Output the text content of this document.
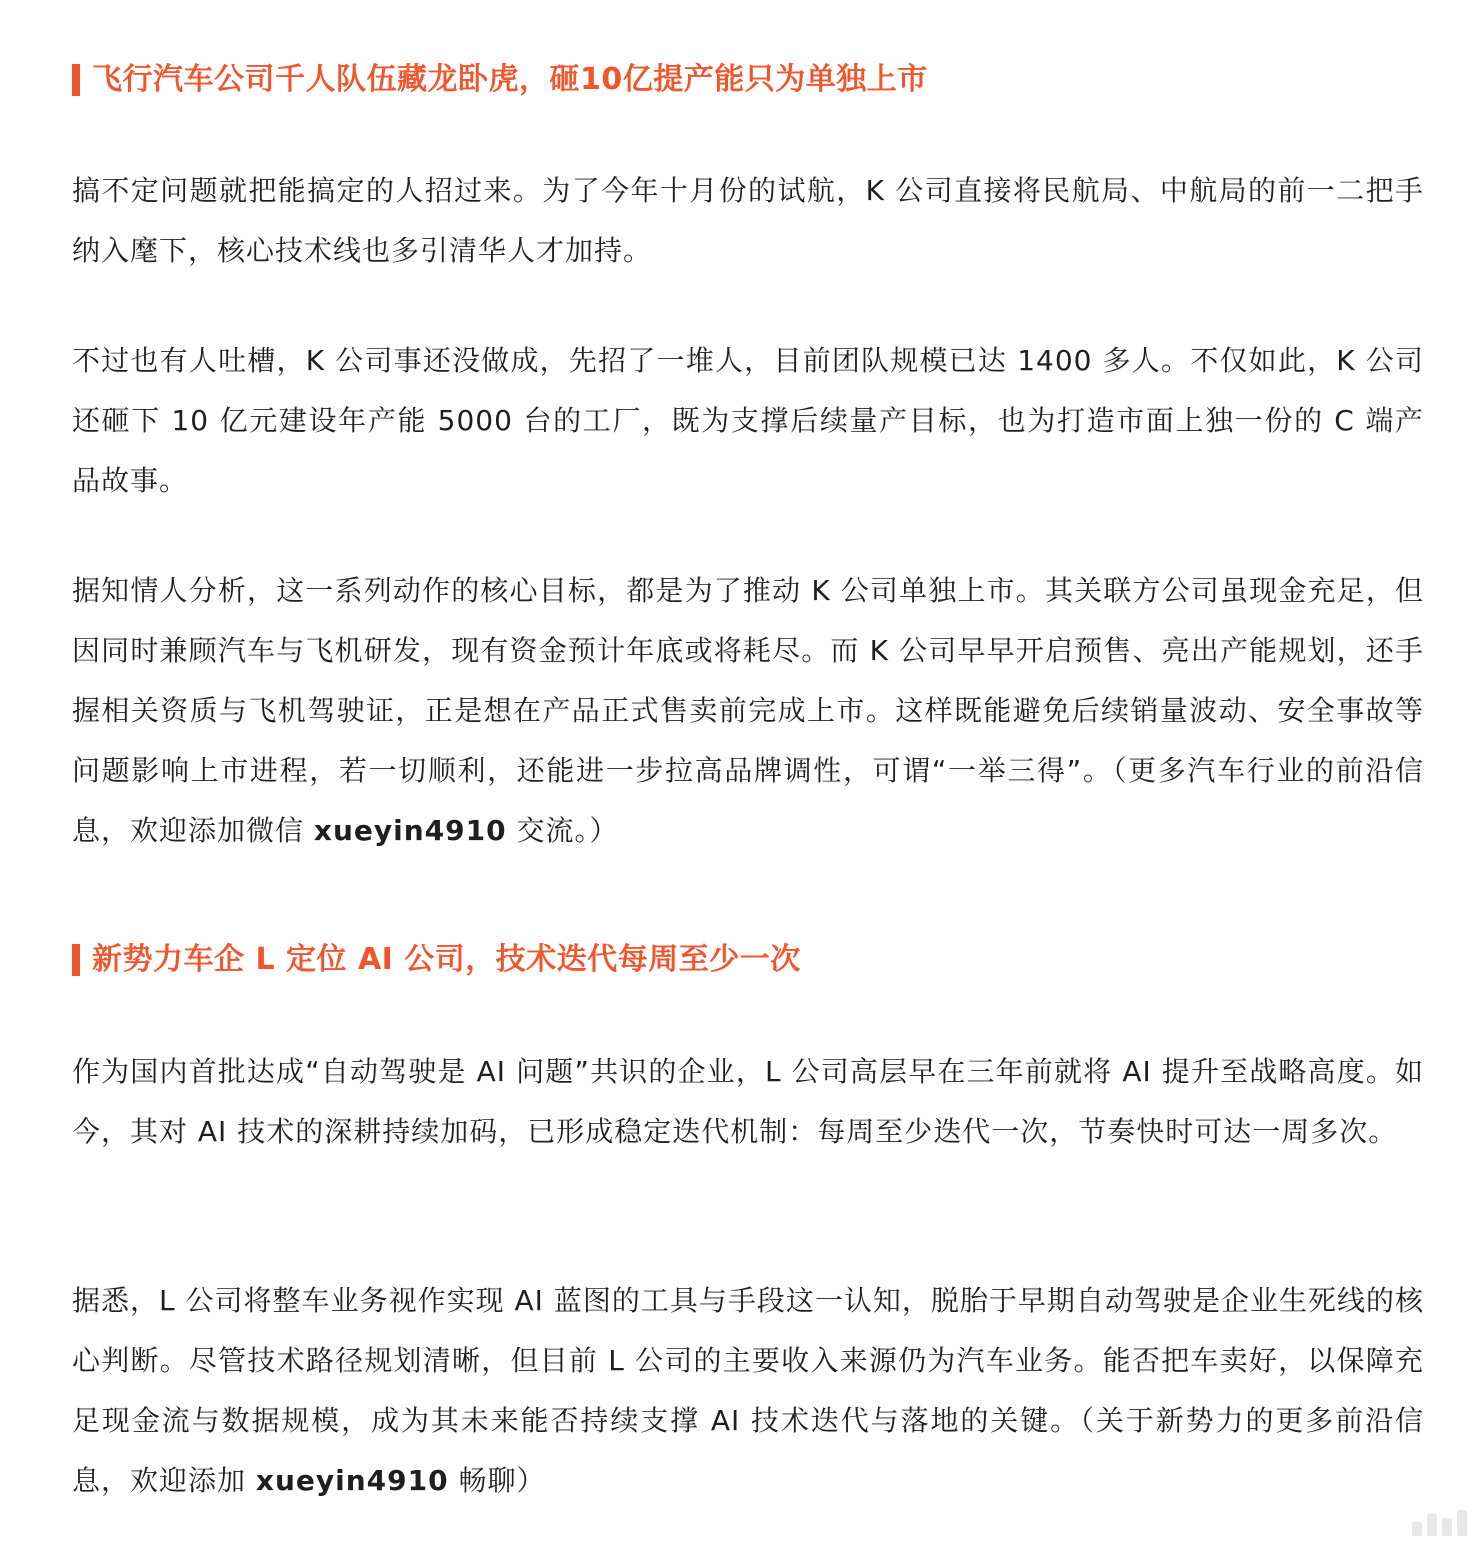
飞行汽车公司千人队伍藏龙卧虎，砸10亿提产能只为单独上市
搞不定问题就把能搞定的人招过来。为了今年十月份的试航，K 公司直接将民航局、中航局的前一二把手纳入麾下，核心技术线也多引清华人才加持。
不过也有人吐槽，K 公司事还没做成，先招了一堆人，目前团队规模已达 1400 多人。不仅如此，K 公司还砸下 10 亿元建设年产能 5000 台的工厂，既为支撑后续量产目标，也为打造市面上独一份的 C 端产品故事。
据知情人分析，这一系列动作的核心目标，都是为了推动 K 公司单独上市。其关联方公司虽现金充足，但因同时兼顾汽车与飞机研发，现有资金预计年底或将耗尽。而 K 公司早早开启预售、亮出产能规划，还手握相关资质与飞机驾驶证，正是想在产品正式售卖前完成上市。这样既能避免后续销量波动、安全事故等问题影响上市进程，若一切顺利，还能进一步拉高品牌调性，可谓“一举三得”。（更多汽车行业的前沿信息，欢迎添加微信 xueyin4910 交流。）
新势力车企 L 定位 AI 公司，技术迭代每周至少一次
作为国内首批达成“自动驾驶是 AI 问题”共识的企业，L 公司高层早在三年前就将 AI 提升至战略高度。如今，其对 AI 技术的深耕持续加码，已形成稳定迭代机制：每周至少迭代一次，节奏快时可达一周多次。
据悉，L 公司将整车业务视作实现 AI 蓝图的工具与手段这一认知，脱胎于早期自动驾驶是企业生死线的核心判断。尽管技术路径规划清晰，但目前 L 公司的主要收入来源仍为汽车业务。能否把车卖好，以保障充足现金流与数据规模，成为其未来能否持续支撑 AI 技术迭代与落地的关键。（关于新势力的更多前沿信息，欢迎添加 xueyin4910 畅聊）
